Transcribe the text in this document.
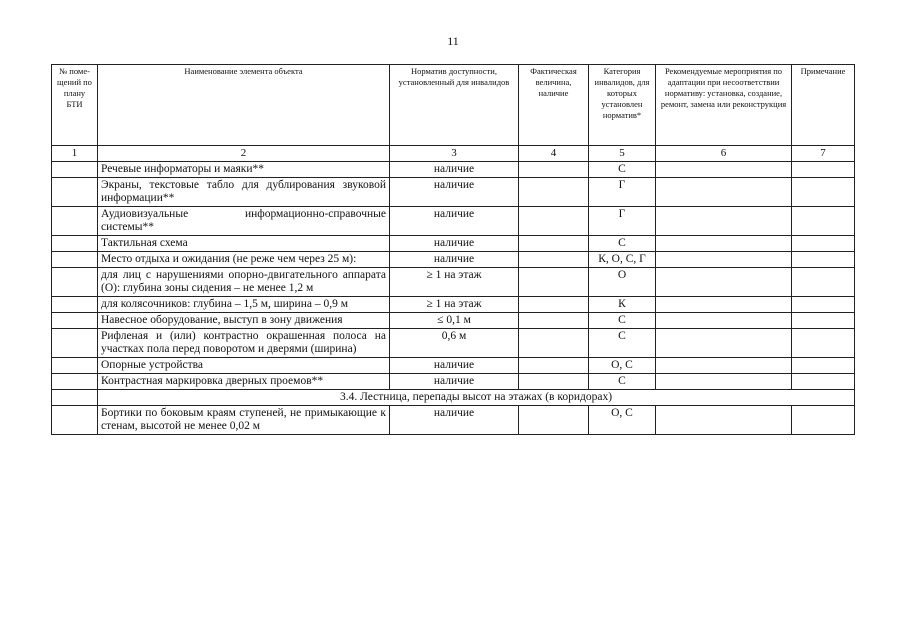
11
№ поме-щений по плану БТИ	Наименование элемента объекта	Норматив доступности, установленный для инвалидов	Фактическая величина, наличие	Категория инвалидов, для которых установлен норматив*	Рекомендуемые мероприятия по адаптации при несоответствии нормативу: установка, создание, ремонт, замена или реконструкция	Примечание
1	2	3	4	5	6	7
	Речевые информаторы и маяки**	наличие		С		
	Экраны, текстовые табло для дублирования звуковой информации**	наличие		Г		
	Аудиовизуальные информационно-справочные системы**	наличие		Г		
	Тактильная схема	наличие		С		
	Место отдыха и ожидания (не реже чем через 25 м):	наличие		К, О, С, Г		
	для лиц с нарушениями опорно-двигательного аппарата (О): глубина зоны сидения – не менее 1,2 м	≥ 1 на этаж		О		
	для колясочников: глубина – 1,5 м, ширина – 0,9 м	≥ 1 на этаж		К		
	Навесное оборудование, выступ в зону движения	≤ 0,1 м		С		
	Рифленая и (или) контрастно окрашенная полоса на участках пола перед поворотом и дверями (ширина)	0,6 м		С		
	Опорные устройства	наличие		О, С		
	Контрастная маркировка дверных проемов**	наличие		С		
	3.4. Лестница, перепады высот на этажах (в коридорах)					
	Бортики по боковым краям ступеней, не примыкающие к стенам, высотой не менее 0,02 м	наличие		О, С		
